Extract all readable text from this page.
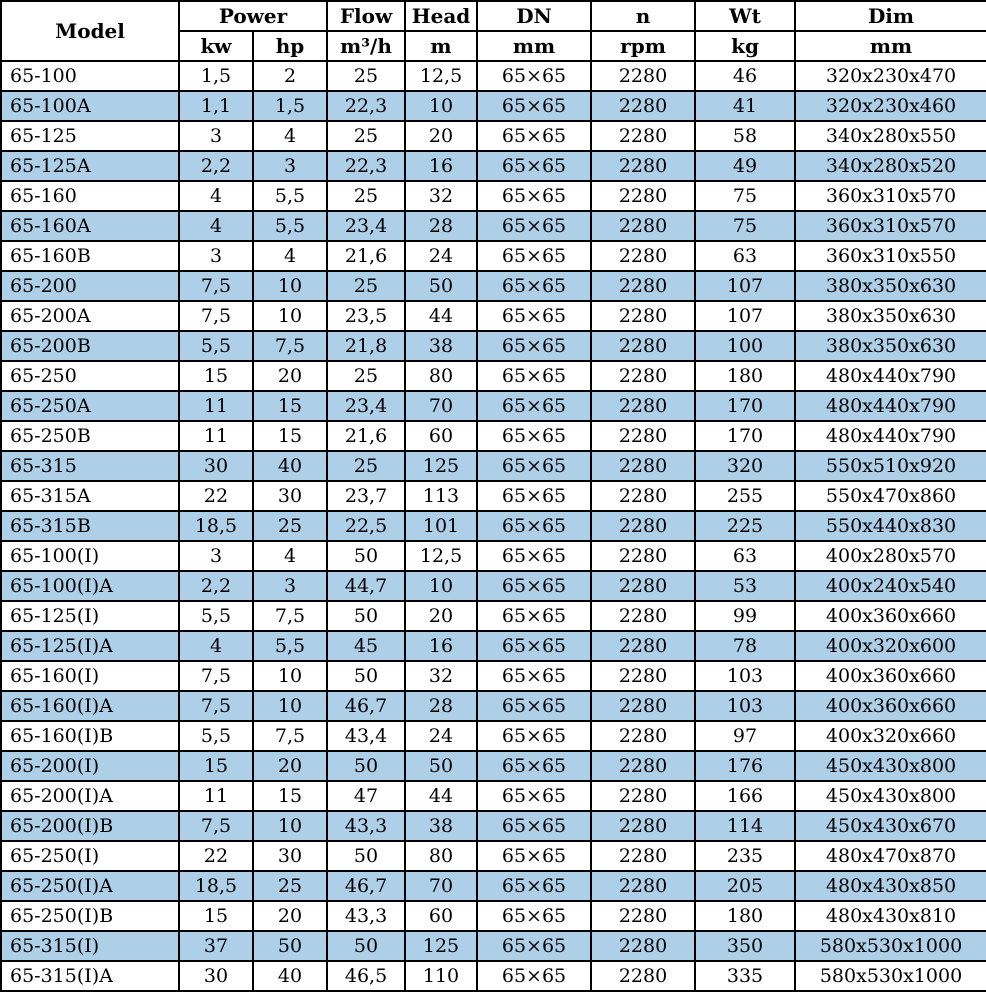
Model	Power		Flow	Head	DN	n	Wt	Dim
	kw	hp	m³/h	m	mm	rpm	kg	mm
65-100	1,5	2	25	12,5	65×65	2280	46	320x230x470
65-100A	1,1	1,5	22,3	10	65×65	2280	41	320x230x460
65-125	3	4	25	20	65×65	2280	58	340x280x550
65-125A	2,2	3	22,3	16	65×65	2280	49	340x280x520
65-160	4	5,5	25	32	65×65	2280	75	360x310x570
65-160A	4	5,5	23,4	28	65×65	2280	75	360x310x570
65-160B	3	4	21,6	24	65×65	2280	63	360x310x550
65-200	7,5	10	25	50	65×65	2280	107	380x350x630
65-200A	7,5	10	23,5	44	65×65	2280	107	380x350x630
65-200B	5,5	7,5	21,8	38	65×65	2280	100	380x350x630
65-250	15	20	25	80	65×65	2280	180	480x440x790
65-250A	11	15	23,4	70	65×65	2280	170	480x440x790
65-250B	11	15	21,6	60	65×65	2280	170	480x440x790
65-315	30	40	25	125	65×65	2280	320	550x510x920
65-315A	22	30	23,7	113	65×65	2280	255	550x470x860
65-315B	18,5	25	22,5	101	65×65	2280	225	550x440x830
65-100(I)	3	4	50	12,5	65×65	2280	63	400x280x570
65-100(I)A	2,2	3	44,7	10	65×65	2280	53	400x240x540
65-125(I)	5,5	7,5	50	20	65×65	2280	99	400x360x660
65-125(I)A	4	5,5	45	16	65×65	2280	78	400x320x600
65-160(I)	7,5	10	50	32	65×65	2280	103	400x360x660
65-160(I)A	7,5	10	46,7	28	65×65	2280	103	400x360x660
65-160(I)B	5,5	7,5	43,4	24	65×65	2280	97	400x320x660
65-200(I)	15	20	50	50	65×65	2280	176	450x430x800
65-200(I)A	11	15	47	44	65×65	2280	166	450x430x800
65-200(I)B	7,5	10	43,3	38	65×65	2280	114	450x430x670
65-250(I)	22	30	50	80	65×65	2280	235	480x470x870
65-250(I)A	18,5	25	46,7	70	65×65	2280	205	480x430x850
65-250(I)B	15	20	43,3	60	65×65	2280	180	480x430x810
65-315(I)	37	50	50	125	65×65	2280	350	580x530x1000
65-315(I)A	30	40	46,5	110	65×65	2280	335	580x530x1000
